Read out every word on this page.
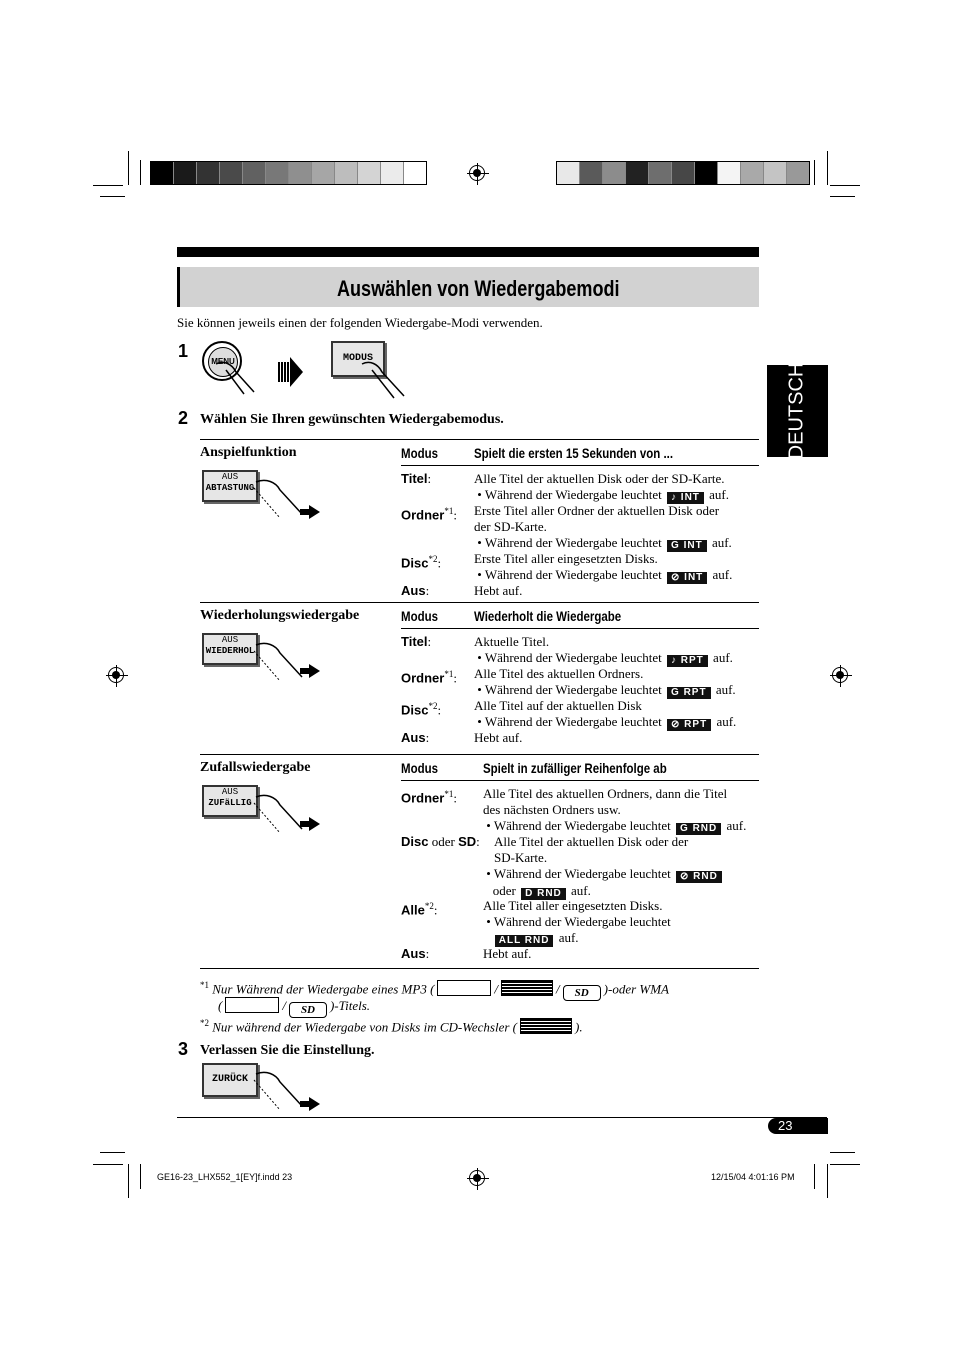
Auswählen von Wiedergabemodi
Sie können jeweils einen der folgenden Wiedergabe-Modi verwenden.
DEUTSCH
1
MENU	MODUS
2 Wählen Sie Ihren gewünschten Wiedergabemodus.
Anspielfunktion	Modus	Spielt die ersten 15 Sekunden von ...
AUS
ABTASTUNG
Titel:	Alle Titel der aktuellen Disk oder der SD-Karte.
• Während der Wiedergabe leuchtet ♪ INT auf.
Ordner$^{*1}$: Erste Titel aller Ordner der aktuellen Disk oder
der SD-Karte.
• Während der Wiedergabe leuchtet G INT auf.
Disc$^{*2}$:	Erste Titel aller eingesetzten Disks.
• Während der Wiedergabe leuchtet ⊘ INT auf.
Aus:	Hebt auf.
Wiederholungswiedergabe	Modus	Wiederholt die Wiedergabe
AUS
WIEDERHOL
Titel:	Aktuelle Titel.
• Während der Wiedergabe leuchtet ♪ RPT auf.
Ordner$^{*1}$: Alle Titel des aktuellen Ordners.
• Während der Wiedergabe leuchtet G RPT auf.
Disc$^{*2}$:	Alle Titel auf der aktuellen Disk
• Während der Wiedergabe leuchtet ⊘ RPT auf.
Aus:	Hebt auf.
Zufallswiedergabe	Modus	Spielt in zufälliger Reihenfolge ab
AUS
ZUFäLLIG	Ordner$^{*1}$: Alle Titel des aktuellen Ordners, dann die Titel
des nächsten Ordners usw.
• Während der Wiedergabe leuchtet G RND auf.
Disc oder SD: Alle Titel der aktuellen Disk oder der
SD-Karte.
• Während der Wiedergabe leuchtet ⊘ RND
oder D RND auf.
Alle$^{*2}$:	Alle Titel aller eingesetzten Disks.
• Während der Wiedergabe leuchtet
ALL RND auf.
Aus:	Hebt auf.
$^{*1}$ Nur Während der Wiedergabe eines MP3 (	/	/ SD )-oder WMA
(	/ SD )-Titels.
$^{*2}$ Nur während der Wiedergabe von Disks im CD-Wechsler (	).
3 Verlassen Sie die Einstellung.
ZURÜCK
23
GE16-23_LHX552_1[EY]f.indd 23	12/15/04 4:01:16 PM
